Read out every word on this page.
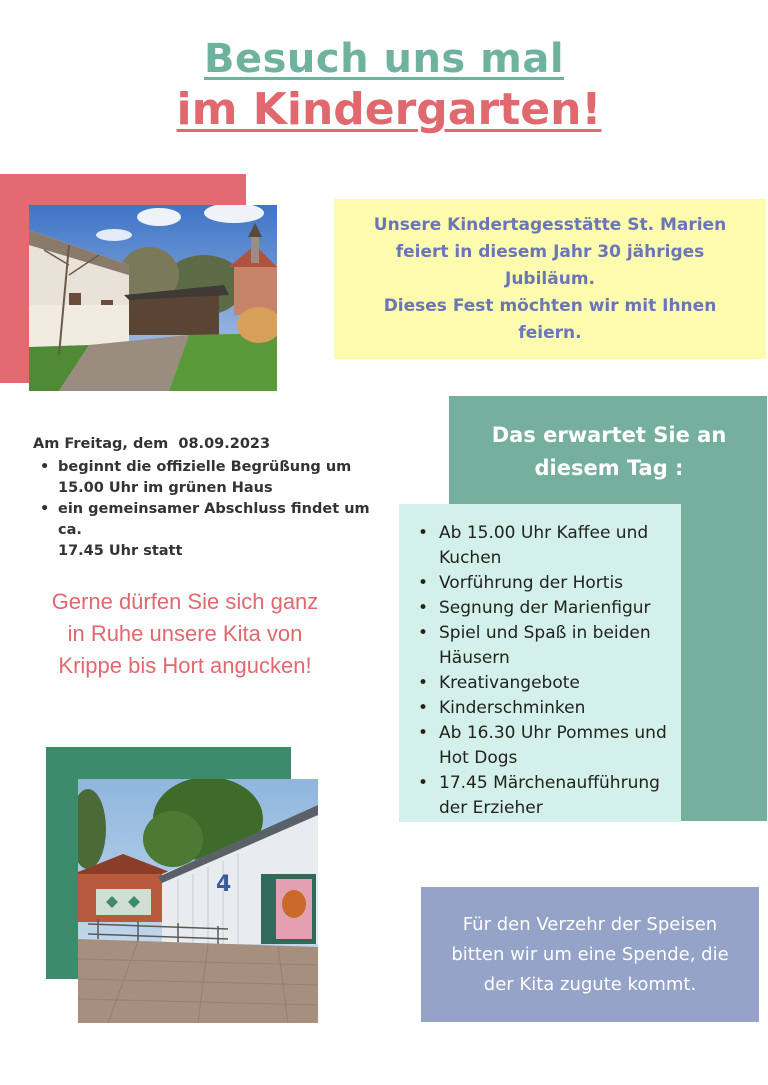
Besuch uns mal
im Kindergarten!
Unsere Kindertagesstätte St. Marien
feiert in diesem Jahr 30 jähriges
Jubiläum.
Dieses Fest möchten wir mit Ihnen
feiern.
Am Freitag, dem  08.09.2023
• beginnt die offizielle Begrüßung um
15.00 Uhr im grünen Haus
• ein gemeinsamer Abschluss findet um ca.
17.45 Uhr statt
Gerne dürfen Sie sich ganz
in Ruhe unsere Kita von
Krippe bis Hort angucken!
Das erwartet Sie an
diesem Tag :
• Ab 15.00 Uhr Kaffee und Kuchen
• Vorführung der Hortis
• Segnung der Marienfigur
• Spiel und Spaß in beiden Häusern
• Kreativangebote
• Kinderschminken
• Ab 16.30 Uhr Pommes und Hot Dogs
• 17.45 Märchenaufführung der Erzieher
4
Für den Verzehr der Speisen
bitten wir um eine Spende, die
der Kita zugute kommt.
